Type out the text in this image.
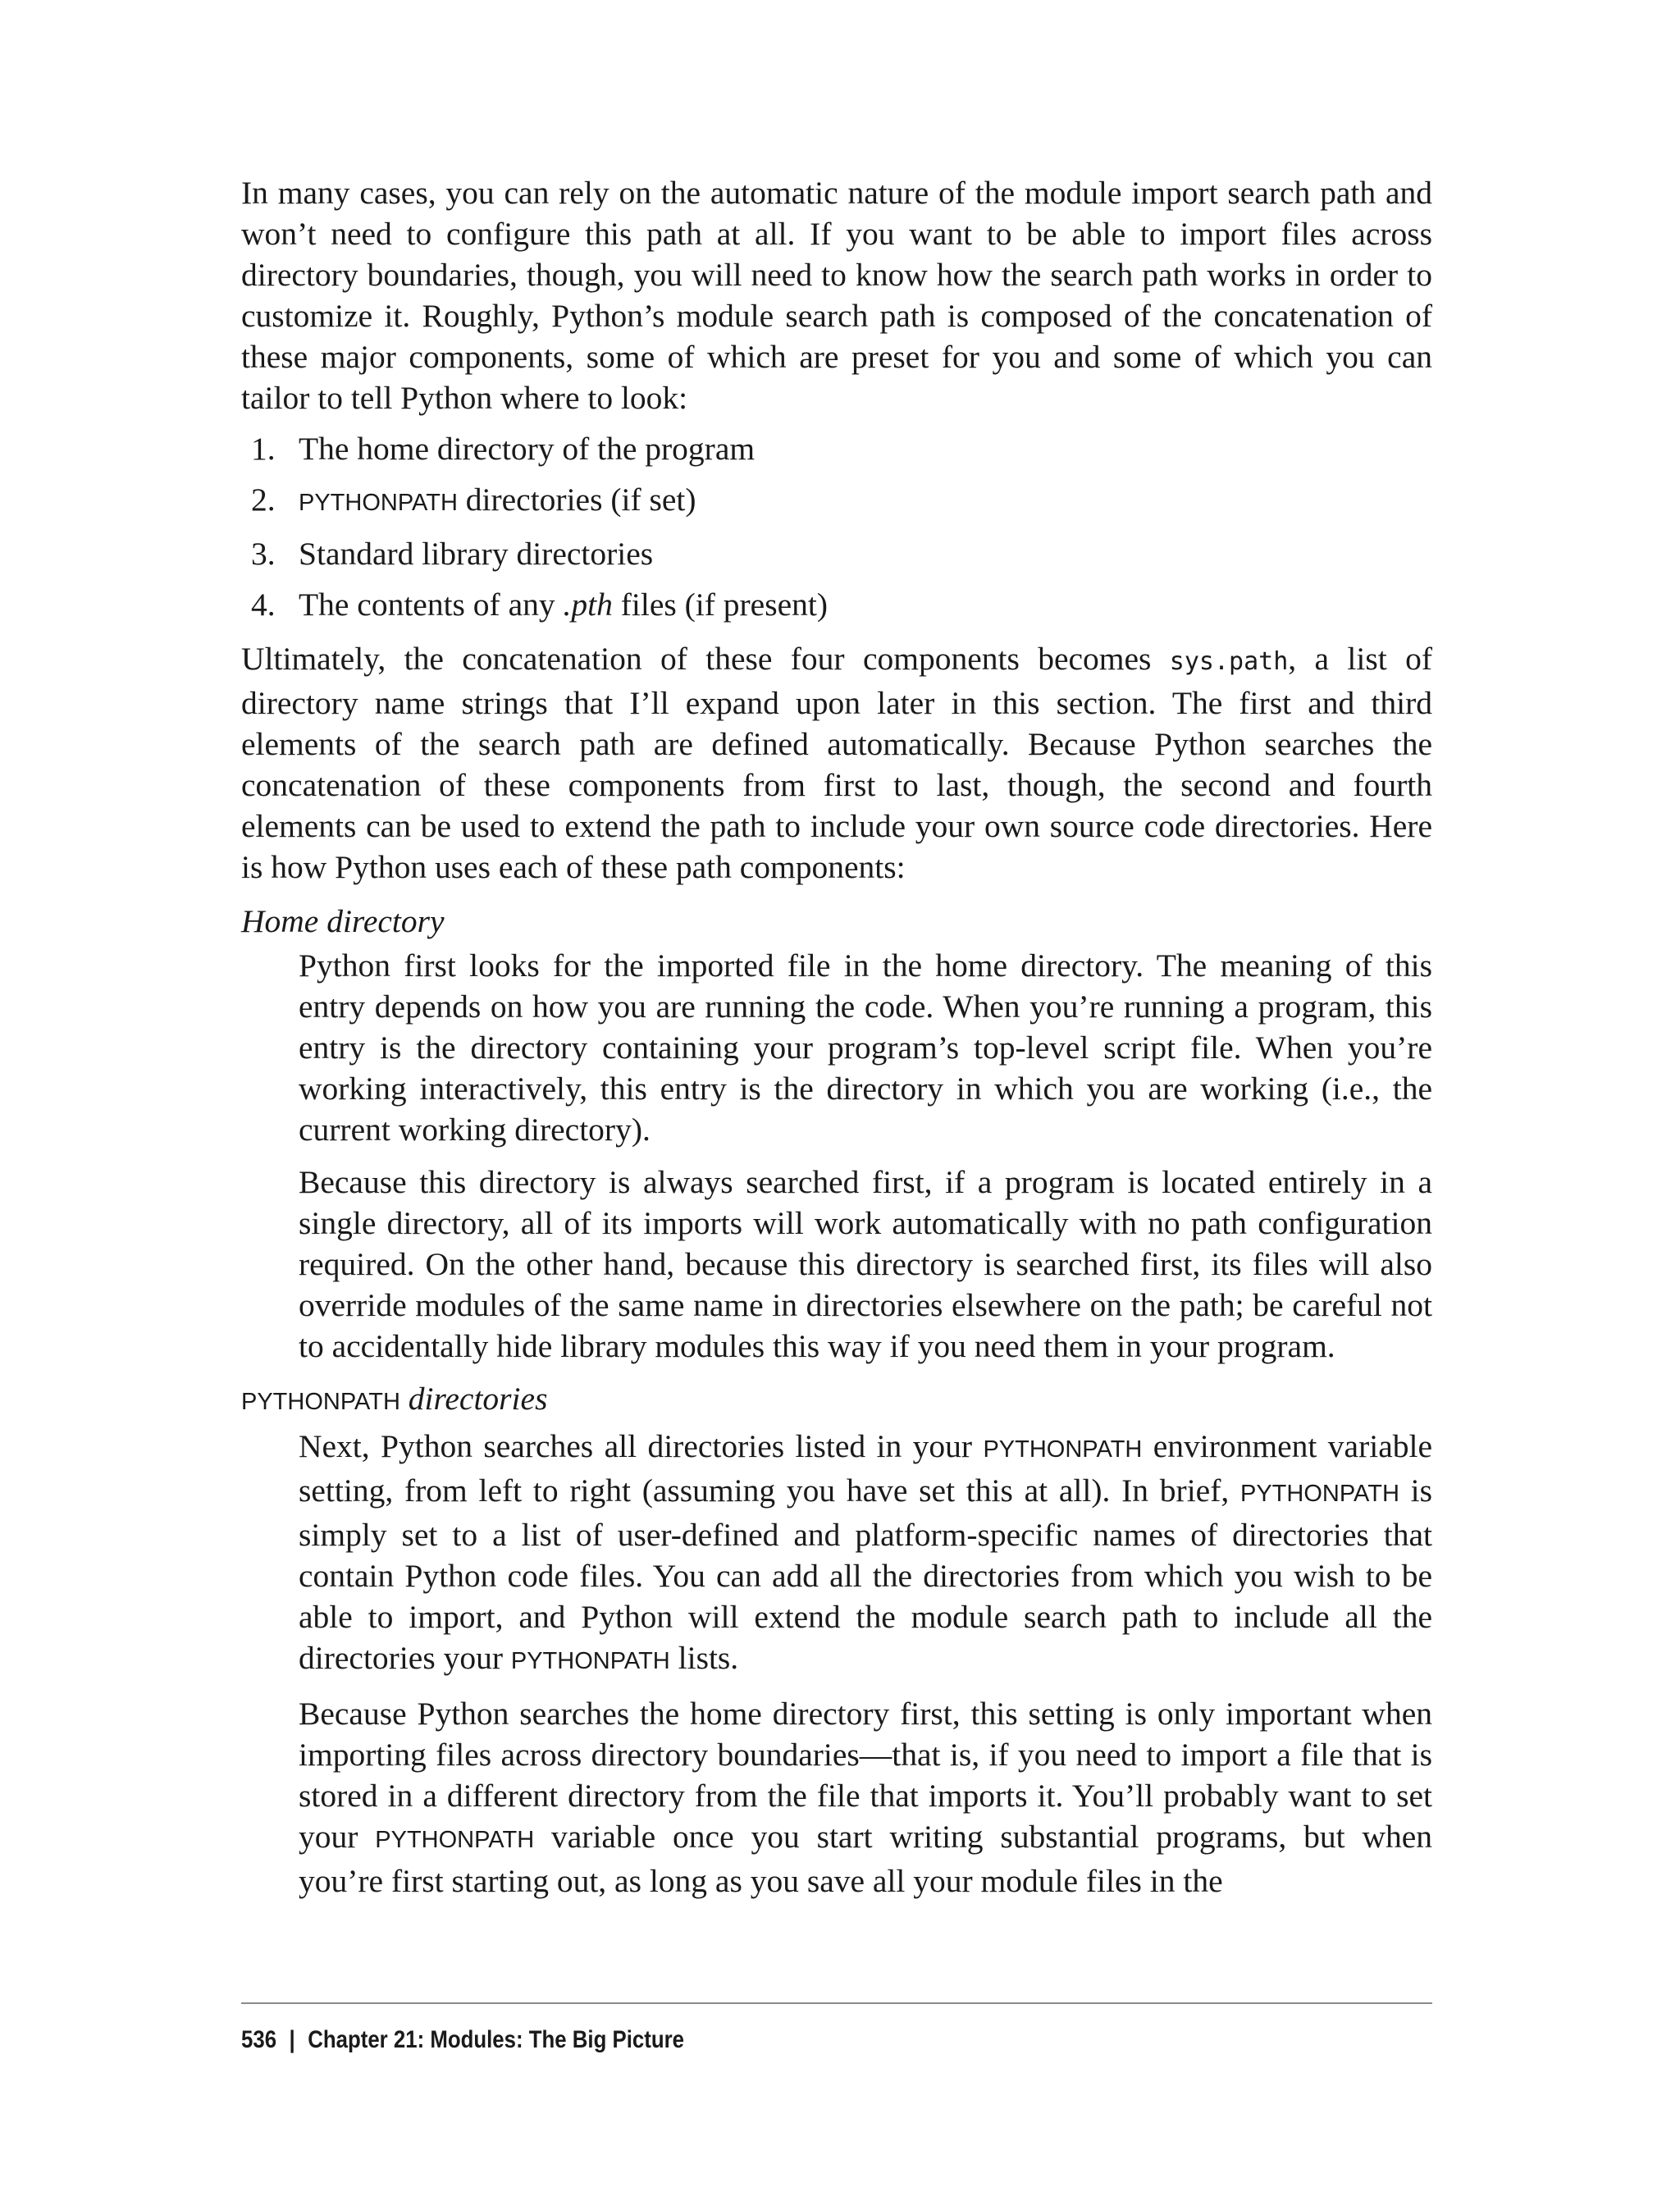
In many cases, you can rely on the automatic nature of the module import search path and won’t need to configure this path at all. If you want to be able to import files across directory boundaries, though, you will need to know how the search path works in order to customize it. Roughly, Python’s module search path is composed of the concatenation of these major components, some of which are preset for you and some of which you can tailor to tell Python where to look:

1. The home directory of the program
2. PYTHONPATH directories (if set)
3. Standard library directories
4. The contents of any .pth files (if present)

Ultimately, the concatenation of these four components becomes sys.path, a list of directory name strings that I’ll expand upon later in this section. The first and third elements of the search path are defined automatically. Because Python searches the concatenation of these components from first to last, though, the second and fourth elements can be used to extend the path to include your own source code directories. Here is how Python uses each of these path components:

Home directory

Python first looks for the imported file in the home directory. The meaning of this entry depends on how you are running the code. When you’re running a program, this entry is the directory containing your program’s top-level script file. When you’re working interactively, this entry is the directory in which you are working (i.e., the current working directory).

Because this directory is always searched first, if a program is located entirely in a single directory, all of its imports will work automatically with no path configuration required. On the other hand, because this directory is searched first, its files will also override modules of the same name in directories elsewhere on the path; be careful not to accidentally hide library modules this way if you need them in your program.

PYTHONPATH directories

Next, Python searches all directories listed in your PYTHONPATH environment variable setting, from left to right (assuming you have set this at all). In brief, PYTHONPATH is simply set to a list of user-defined and platform-specific names of directories that contain Python code files. You can add all the directories from which you wish to be able to import, and Python will extend the module search path to include all the directories your PYTHONPATH lists.

Because Python searches the home directory first, this setting is only important when importing files across directory boundaries—that is, if you need to import a file that is stored in a different directory from the file that imports it. You’ll probably want to set your PYTHONPATH variable once you start writing substantial programs, but when you’re first starting out, as long as you save all your module files in the

536 | Chapter 21: Modules: The Big Picture
